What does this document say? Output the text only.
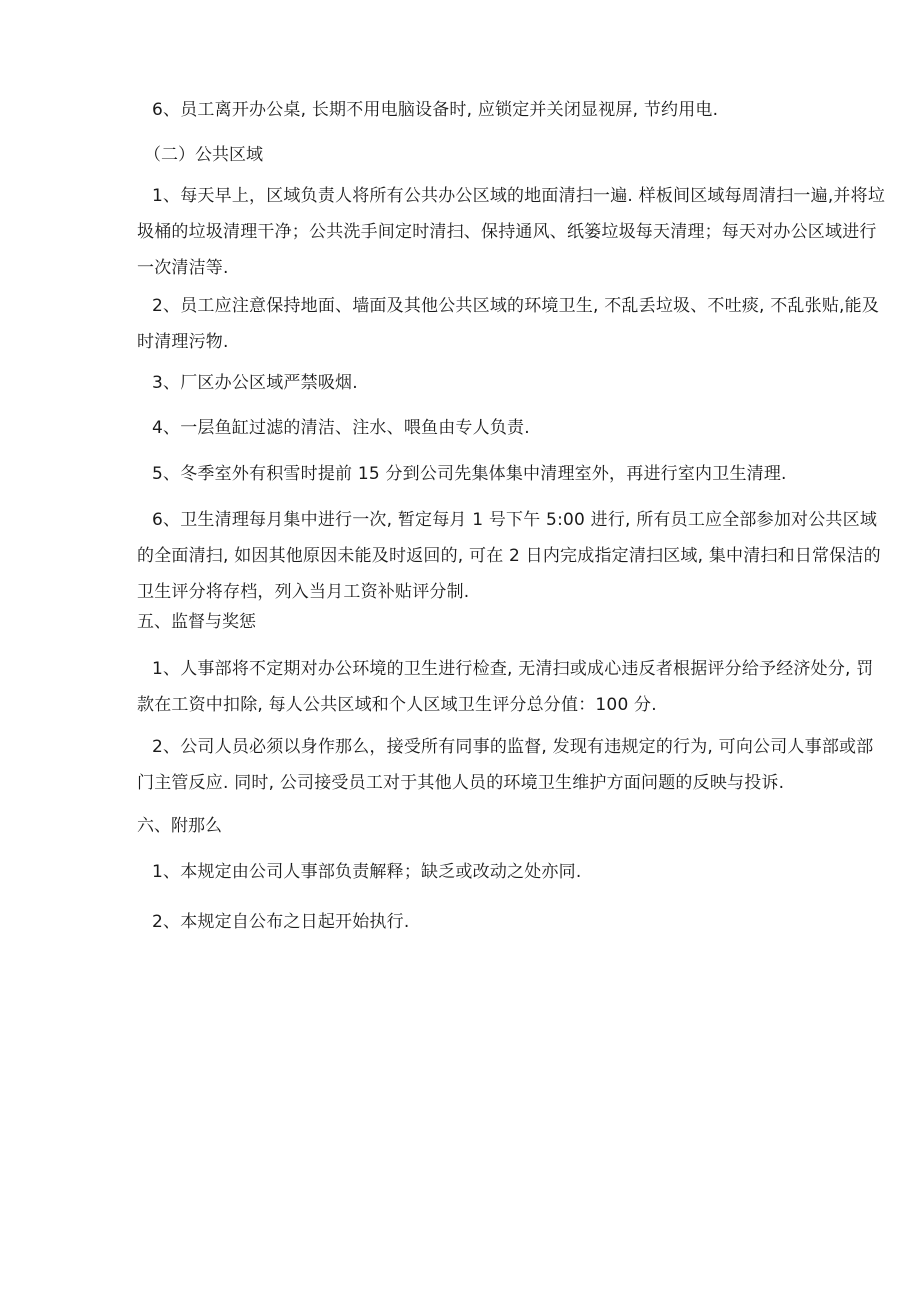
6、员工离开办公桌, 长期不用电脑设备时, 应锁定并关闭显视屏, 节约用电.
（二）公共区域
1、每天早上，区域负责人将所有公共办公区域的地面清扫一遍. 样板间区域每周清扫一遍,并将垃圾桶的垃圾清理干净；公共洗手间定时清扫、保持通风、纸篓垃圾每天清理；每天对办公区域进行一次清洁等.
2、员工应注意保持地面、墙面及其他公共区域的环境卫生, 不乱丢垃圾、不吐痰, 不乱张贴,能及时清理污物.
3、厂区办公区域严禁吸烟.
4、一层鱼缸过滤的清洁、注水、喂鱼由专人负责.
5、冬季室外有积雪时提前 15 分到公司先集体集中清理室外，再进行室内卫生清理.
6、卫生清理每月集中进行一次, 暂定每月 1 号下午 5:00 进行, 所有员工应全部参加对公共区域的全面清扫, 如因其他原因未能及时返回的, 可在 2 日内完成指定清扫区域, 集中清扫和日常保洁的卫生评分将存档，列入当月工资补贴评分制.
五、监督与奖惩
1、人事部将不定期对办公环境的卫生进行检查, 无清扫或成心违反者根据评分给予经济处分, 罚款在工资中扣除, 每人公共区域和个人区域卫生评分总分值：100 分.
2、公司人员必须以身作那么，接受所有同事的监督, 发现有违规定的行为, 可向公司人事部或部门主管反应. 同时, 公司接受员工对于其他人员的环境卫生维护方面问题的反映与投诉.
六、附那么
1、本规定由公司人事部负责解释；缺乏或改动之处亦同.
2、本规定自公布之日起开始执行.
